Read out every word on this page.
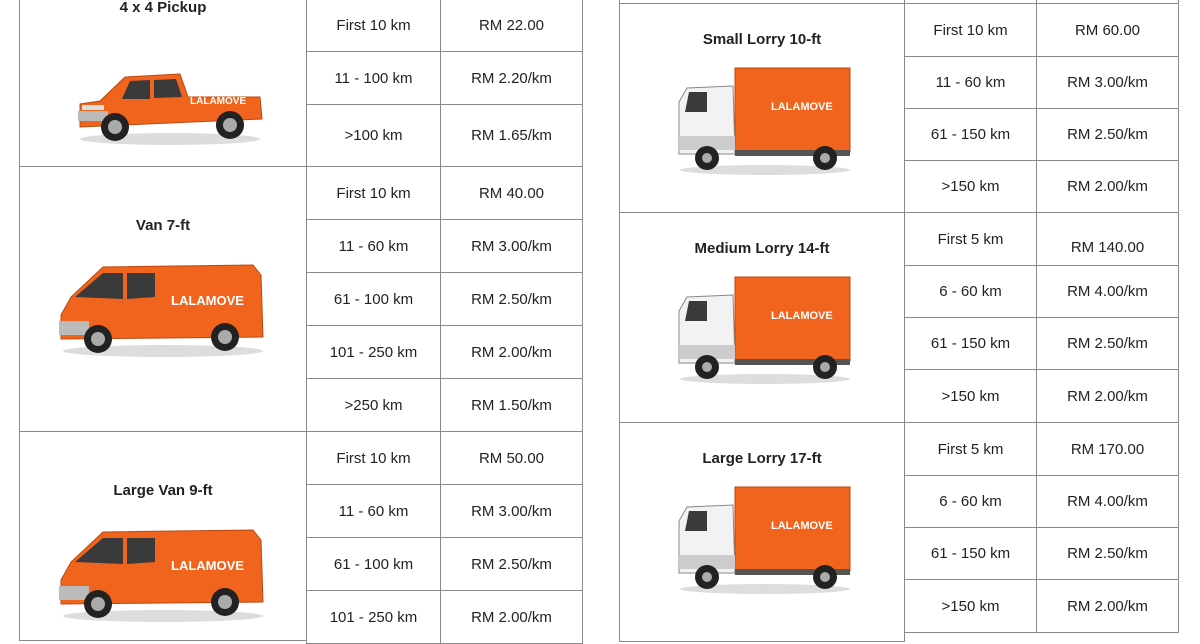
4 x 4 Pickup
LALAMOVE
First 10 km	RM 22.00
11 - 100 km	RM 2.20/km
>100 km	RM 1.65/km
Van 7-ft
LALAMOVE
First 10 km	RM 40.00
11 - 60 km	RM 3.00/km
61 - 100 km	RM 2.50/km
101 - 250 km	RM 2.00/km
>250 km	RM 1.50/km
Large Van 9-ft
LALAMOVE
First 10 km	RM 50.00
11 - 60 km	RM 3.00/km
61 - 100 km	RM 2.50/km
101 - 250 km	RM 2.00/km
Small Lorry 10-ft
LALAMOVE
First 10 km	RM 60.00
11 - 60 km	RM 3.00/km
61 - 150 km	RM 2.50/km
>150 km	RM 2.00/km
Medium Lorry 14-ft
LALAMOVE
First 5 km	RM 140.00
6 - 60 km	RM 4.00/km
61 - 150 km	RM 2.50/km
>150 km	RM 2.00/km
Large Lorry 17-ft
LALAMOVE
First 5 km	RM 170.00
6 - 60 km	RM 4.00/km
61 - 150 km	RM 2.50/km
>150 km	RM 2.00/km
